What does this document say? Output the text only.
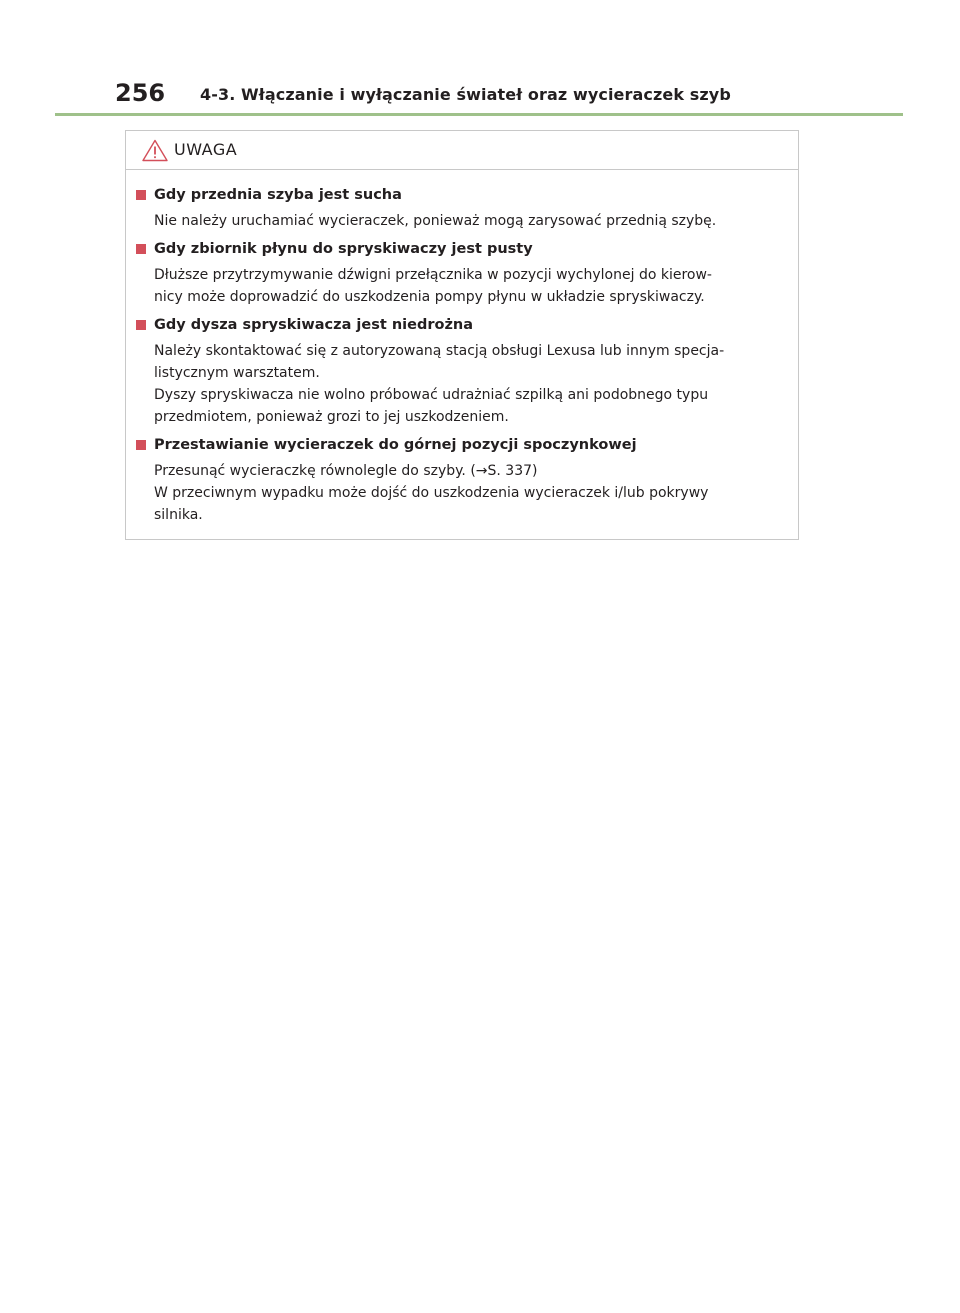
256 4-3. Włączanie i wyłączanie świateł oraz wycieraczek szyb
UWAGA
Gdy przednia szyba jest sucha
Nie należy uruchamiać wycieraczek, ponieważ mogą zarysować przednią szybę.
Gdy zbiornik płynu do spryskiwaczy jest pusty
Dłuższe przytrzymywanie dźwigni przełącznika w pozycji wychylonej do kierow-
nicy może doprowadzić do uszkodzenia pompy płynu w układzie spryskiwaczy.
Gdy dysza spryskiwacza jest niedrożna
Należy skontaktować się z autoryzowaną stacją obsługi Lexusa lub innym specja-
listycznym warsztatem.
Dyszy spryskiwacza nie wolno próbować udrażniać szpilką ani podobnego typu
przedmiotem, ponieważ grozi to jej uszkodzeniem.
Przestawianie wycieraczek do górnej pozycji spoczynkowej
Przesunąć wycieraczkę równolegle do szyby. (→S. 337)
W przeciwnym wypadku może dojść do uszkodzenia wycieraczek i/lub pokrywy
silnika.
